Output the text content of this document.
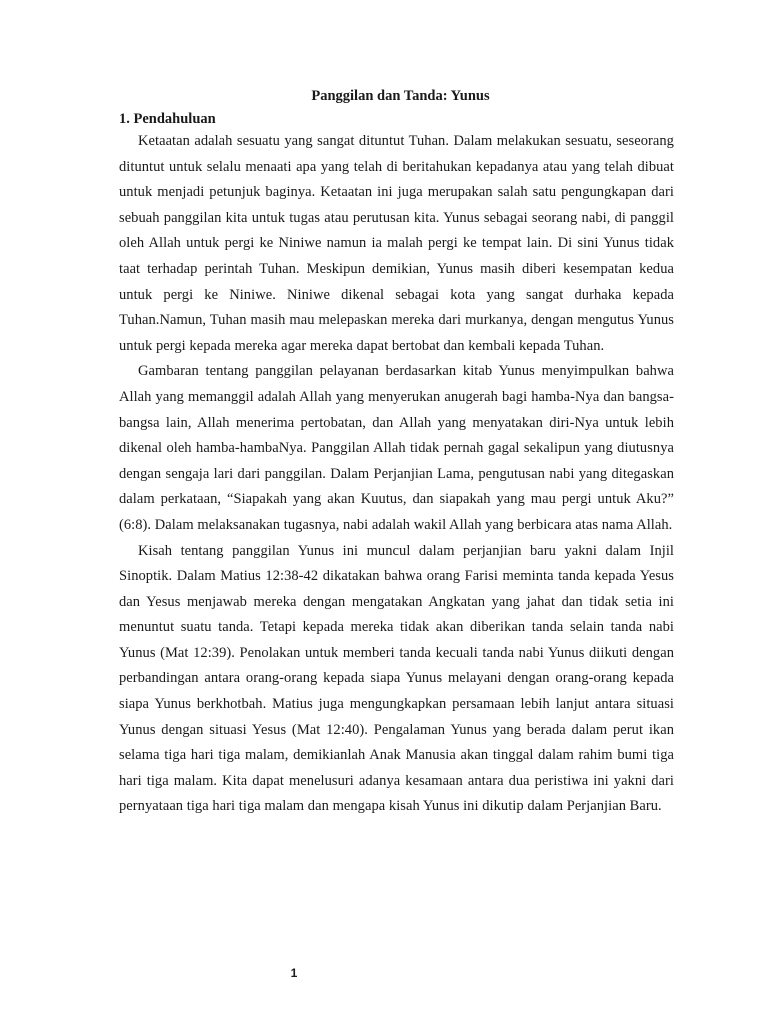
Panggilan dan Tanda: Yunus
1. Pendahuluan

Ketaatan adalah sesuatu yang sangat dituntut Tuhan. Dalam melakukan sesuatu, seseorang dituntut untuk selalu menaati apa yang telah di beritahukan kepadanya atau yang telah dibuat untuk menjadi petunjuk baginya. Ketaatan ini juga merupakan salah satu pengungkapan dari sebuah panggilan kita untuk tugas atau perutusan kita. Yunus sebagai seorang nabi, di panggil oleh Allah untuk pergi ke Niniwe namun ia malah pergi ke tempat lain. Di sini Yunus tidak taat terhadap perintah Tuhan. Meskipun demikian, Yunus masih diberi kesempatan kedua untuk pergi ke Niniwe. Niniwe dikenal sebagai kota yang sangat durhaka kepada Tuhan.Namun, Tuhan masih mau melepaskan mereka dari murkanya, dengan mengutus Yunus untuk pergi kepada mereka agar mereka dapat bertobat dan kembali kepada Tuhan.

Gambaran tentang panggilan pelayanan berdasarkan kitab Yunus menyimpulkan bahwa Allah yang memanggil adalah Allah yang menyerukan anugerah bagi hamba-Nya dan bangsa-bangsa lain, Allah menerima pertobatan, dan Allah yang menyatakan diri-Nya untuk lebih dikenal oleh hamba-hambaNya. Panggilan Allah tidak pernah gagal sekalipun yang diutusnya dengan sengaja lari dari panggilan. Dalam Perjanjian Lama, pengutusan nabi yang ditegaskan dalam perkataan, “Siapakah yang akan Kuutus, dan siapakah yang mau pergi untuk Aku?” (6:8). Dalam melaksanakan tugasnya, nabi adalah wakil Allah yang berbicara atas nama Allah.

Kisah tentang panggilan Yunus ini muncul dalam perjanjian baru yakni dalam Injil Sinoptik. Dalam Matius 12:38-42 dikatakan bahwa orang Farisi meminta tanda kepada Yesus dan Yesus menjawab mereka dengan mengatakan Angkatan yang jahat dan tidak setia ini menuntut suatu tanda. Tetapi kepada mereka tidak akan diberikan tanda selain tanda nabi Yunus (Mat 12:39). Penolakan untuk memberi tanda kecuali tanda nabi Yunus diikuti dengan perbandingan antara orang-orang kepada siapa Yunus melayani dengan orang-orang kepada siapa Yunus berkhotbah. Matius juga mengungkapkan persamaan lebih lanjut antara situasi Yunus dengan situasi Yesus (Mat 12:40). Pengalaman Yunus yang berada dalam perut ikan selama tiga hari tiga malam, demikianlah Anak Manusia akan tinggal dalam rahim bumi tiga hari tiga malam. Kita dapat menelusuri adanya kesamaan antara dua peristiwa ini yakni dari pernyataan tiga hari tiga malam dan mengapa kisah Yunus ini dikutip dalam Perjanjian Baru.

1
